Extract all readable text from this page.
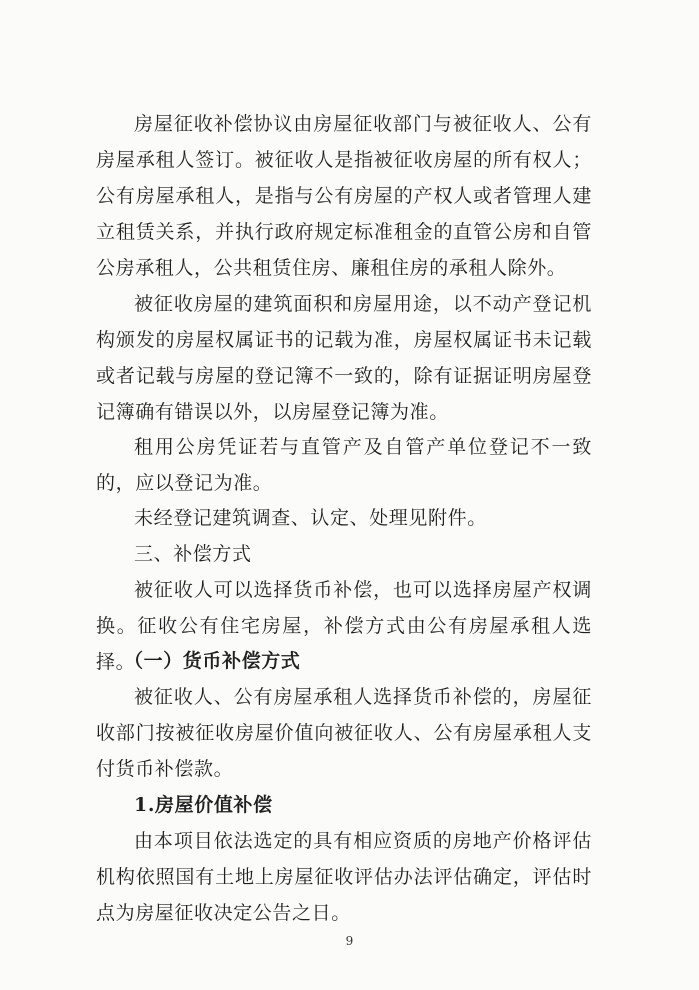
房屋征收补偿协议由房屋征收部门与被征收人、公有房屋承租人签订。被征收人是指被征收房屋的所有权人；公有房屋承租人，是指与公有房屋的产权人或者管理人建立租赁关系，并执行政府规定标准租金的直管公房和自管公房承租人，公共租赁住房、廉租住房的承租人除外。

被征收房屋的建筑面积和房屋用途，以不动产登记机构颁发的房屋权属证书的记载为准，房屋权属证书未记载或者记载与房屋的登记簿不一致的，除有证据证明房屋登记簿确有错误以外，以房屋登记簿为准。

租用公房凭证若与直管产及自管产单位登记不一致的，应以登记为准。

未经登记建筑调查、认定、处理见附件。

三、补偿方式

被征收人可以选择货币补偿，也可以选择房屋产权调换。征收公有住宅房屋，补偿方式由公有房屋承租人选择。

（一）货币补偿方式

被征收人、公有房屋承租人选择货币补偿的，房屋征收部门按被征收房屋价值向被征收人、公有房屋承租人支付货币补偿款。

1.房屋价值补偿

由本项目依法选定的具有相应资质的房地产价格评估机构依照国有土地上房屋征收评估办法评估确定，评估时点为房屋征收决定公告之日。

9
